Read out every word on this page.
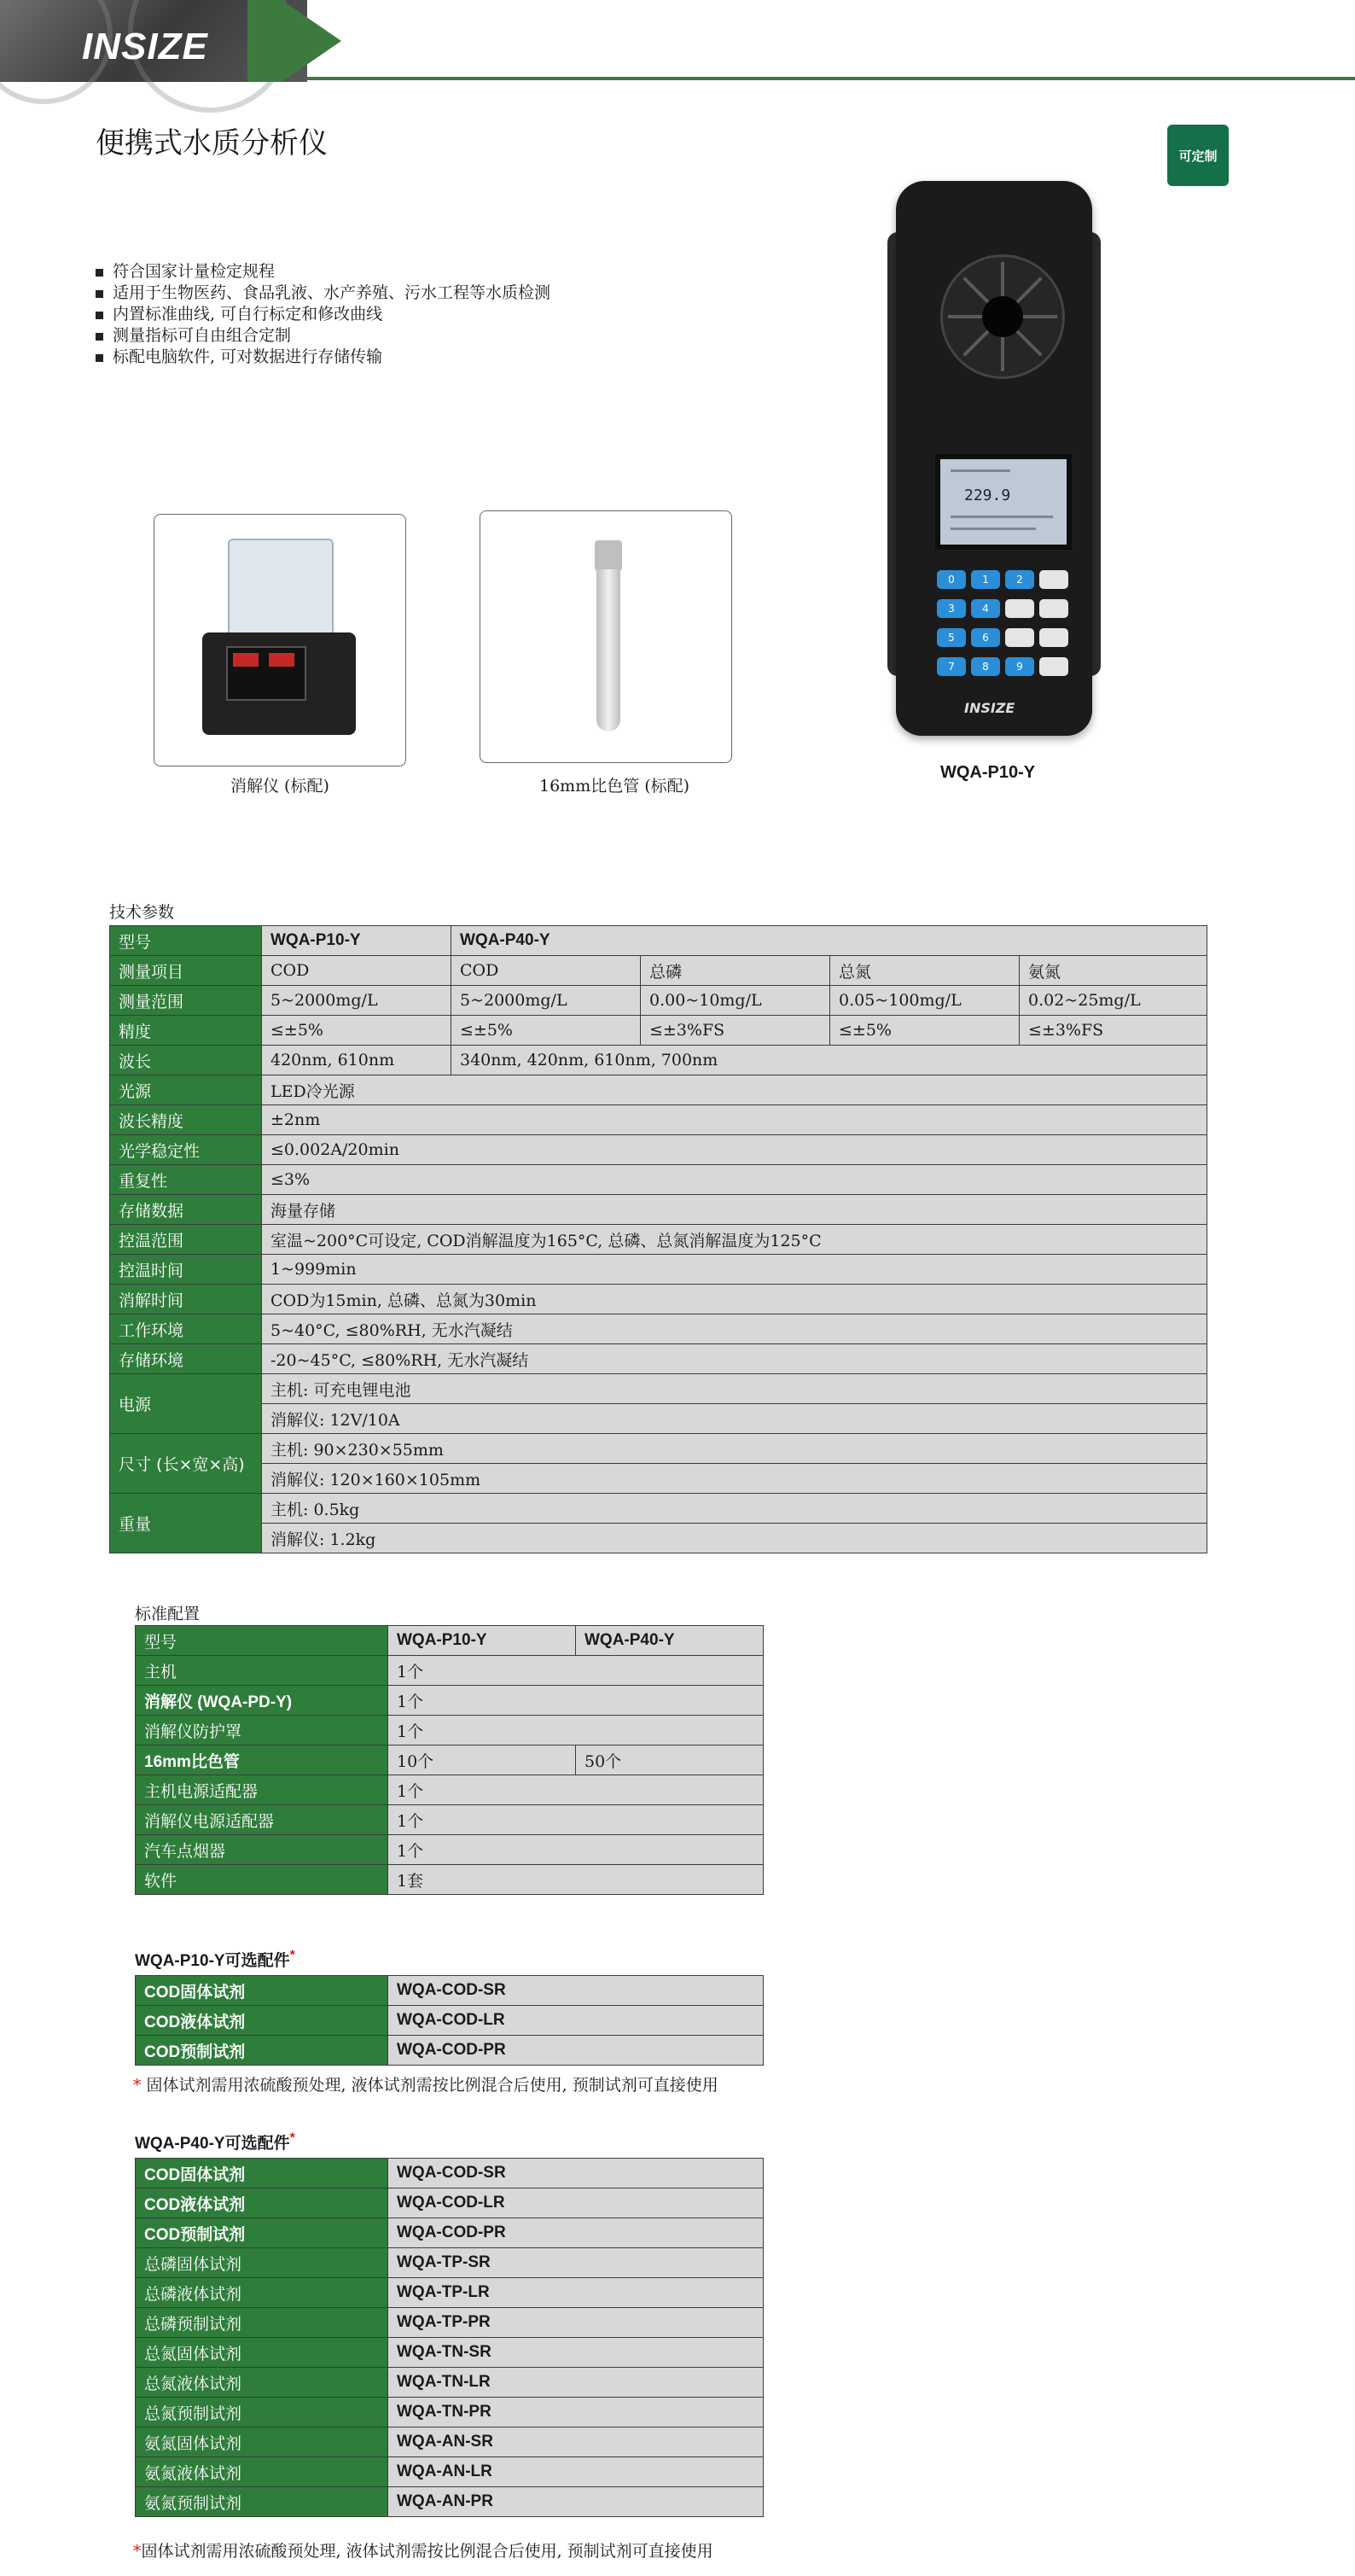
INSIZE
便携式水质分析仪	可定制
符合国家计量检定规程
适用于生物医药、食品乳液、水产养殖、污水工程等水质检测
内置标准曲线, 可自行标定和修改曲线
测量指标可自由组合定制
标配电脑软件, 可对数据进行存储传输
229.9
0	1	2
3	4
5	6
7	8	9
INSIZE
WQA-P10-Y
消解仪 (标配)	16mm比色管 (标配)
技术参数
型号	WQA-P10-Y	WQA-P40-Y			
测量项目	COD	COD	总磷	总氮	氨氮
测量范围	5~2000mg/L	5~2000mg/L	0.00~10mg/L	0.05~100mg/L	0.02~25mg/L
精度	≤±5%	≤±5%	≤±3%FS	≤±5%	≤±3%FS
波长	420nm, 610nm	340nm, 420nm, 610nm, 700nm			
光源	LED冷光源				
波长精度	±2nm				
光学稳定性	≤0.002A/20min				
重复性	≤3%				
存储数据	海量存储				
控温范围	室温~200°C可设定, COD消解温度为165°C, 总磷、总氮消解温度为125°C				
控温时间	1~999min				
消解时间	COD为15min, 总磷、总氮为30min				
工作环境	5~40°C, ≤80%RH, 无水汽凝结				
存储环境	-20~45°C, ≤80%RH, 无水汽凝结				
电源	主机: 可充电锂电池				
	消解仪: 12V/10A				
尺寸 (长×宽×高)	主机: 90×230×55mm				
	消解仪: 120×160×105mm				
重量	主机: 0.5kg				
	消解仪: 1.2kg				
标准配置
型号	WQA-P10-Y	WQA-P40-Y
主机	1个	
消解仪 (WQA-PD-Y)	1个	
消解仪防护罩	1个	
16mm比色管	10个	50个
主机电源适配器	1个	
消解仪电源适配器	1个	
汽车点烟器	1个	
软件	1套	
WQA-P10-Y可选配件*
COD固体试剂	WQA-COD-SR
COD液体试剂	WQA-COD-LR
COD预制试剂	WQA-COD-PR
* 固体试剂需用浓硫酸预处理, 液体试剂需按比例混合后使用, 预制试剂可直接使用
WQA-P40-Y可选配件*
COD固体试剂	WQA-COD-SR
COD液体试剂	WQA-COD-LR
COD预制试剂	WQA-COD-PR
总磷固体试剂	WQA-TP-SR
总磷液体试剂	WQA-TP-LR
总磷预制试剂	WQA-TP-PR
总氮固体试剂	WQA-TN-SR
总氮液体试剂	WQA-TN-LR
总氮预制试剂	WQA-TN-PR
氨氮固体试剂	WQA-AN-SR
氨氮液体试剂	WQA-AN-LR
氨氮预制试剂	WQA-AN-PR
*固体试剂需用浓硫酸预处理, 液体试剂需按比例混合后使用, 预制试剂可直接使用
